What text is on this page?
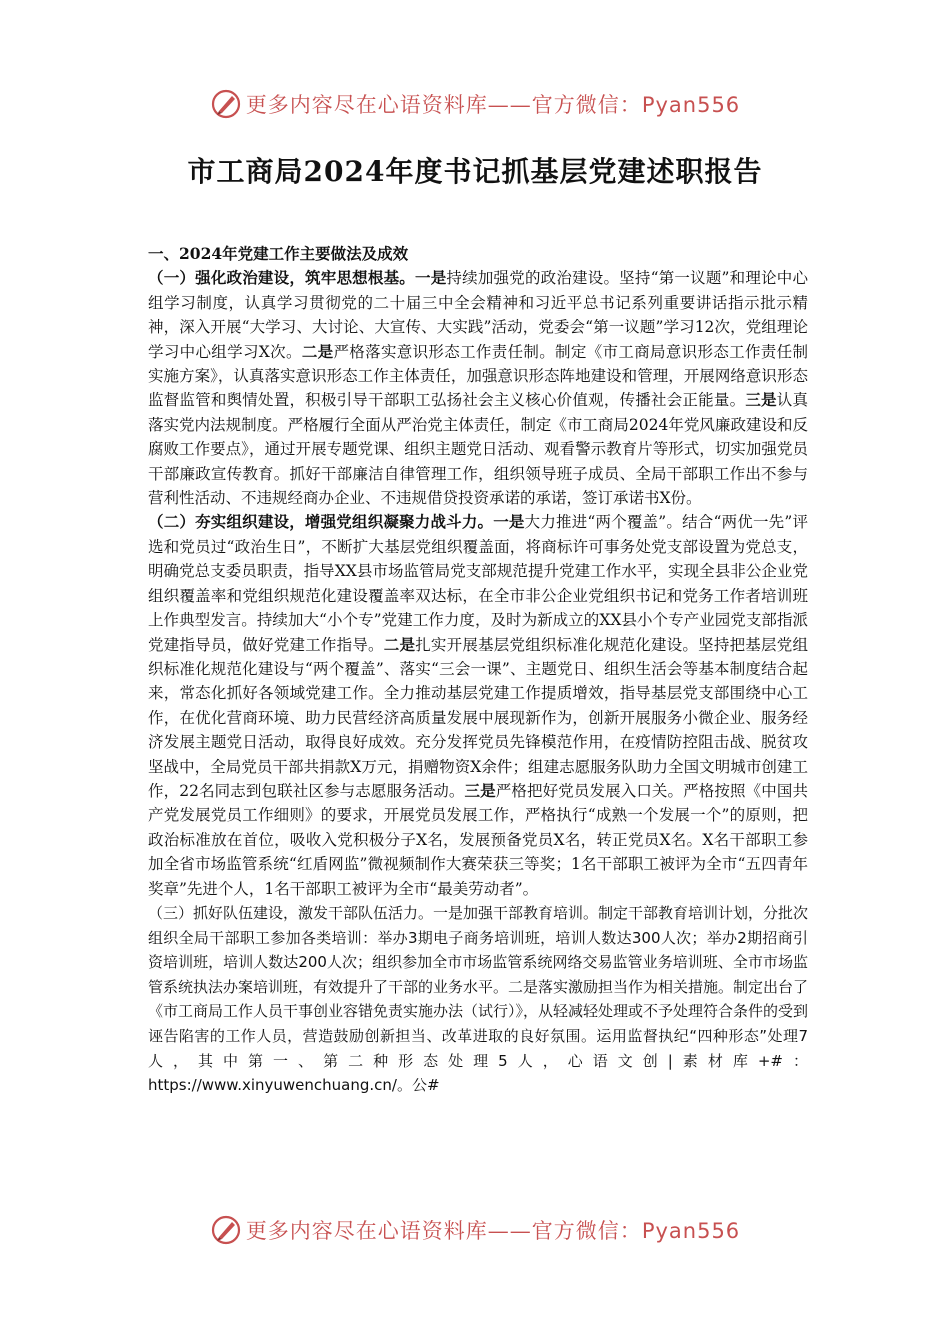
更多内容尽在心语资料库——官方微信：Pyan556
市工商局2024年度书记抓基层党建述职报告

一、2024年党建工作主要做法及成效

（一）强化政治建设，筑牢思想根基。一是持续加强党的政治建设。坚持“第一议题”和理论中心组学习制度，认真学习贯彻党的二十届三中全会精神和习近平总书记系列重要讲话指示批示精神，深入开展“大学习、大讨论、大宣传、大实践”活动，党委会“第一议题”学习12次，党组理论学习中心组学习X次。二是严格落实意识形态工作责任制。制定《市工商局意识形态工作责任制实施方案》，认真落实意识形态工作主体责任，加强意识形态阵地建设和管理，开展网络意识形态监督监管和舆情处置，积极引导干部职工弘扬社会主义核心价值观，传播社会正能量。三是认真落实党内法规制度。严格履行全面从严治党主体责任，制定《市工商局2024年党风廉政建设和反腐败工作要点》，通过开展专题党课、组织主题党日活动、观看警示教育片等形式，切实加强党员干部廉政宣传教育。抓好干部廉洁自律管理工作，组织领导班子成员、全局干部职工作出不参与营利性活动、不违规经商办企业、不违规借贷投资承诺的承诺，签订承诺书X份。

（二）夯实组织建设，增强党组织凝聚力战斗力。一是大力推进“两个覆盖”。结合“两优一先”评选和党员过“政治生日”，不断扩大基层党组织覆盖面，将商标许可事务处党支部设置为党总支，明确党总支委员职责，指导XX县市场监管局党支部规范提升党建工作水平，实现全县非公企业党组织覆盖率和党组织规范化建设覆盖率双达标，在全市非公企业党组织书记和党务工作者培训班上作典型发言。持续加大“小个专”党建工作力度，及时为新成立的XX县小个专产业园党支部指派党建指导员，做好党建工作指导。二是扎实开展基层党组织标准化规范化建设。坚持把基层党组织标准化规范化建设与“两个覆盖”、落实“三会一课”、主题党日、组织生活会等基本制度结合起来，常态化抓好各领域党建工作。全力推动基层党建工作提质增效，指导基层党支部围绕中心工作，在优化营商环境、助力民营经济高质量发展中展现新作为，创新开展服务小微企业、服务经济发展主题党日活动，取得良好成效。充分发挥党员先锋模范作用，在疫情防控阻击战、脱贫攻坚战中，全局党员干部共捐款X万元，捐赠物资X余件；组建志愿服务队助力全国文明城市创建工作，22名同志到包联社区参与志愿服务活动。三是严格把好党员发展入口关。严格按照《中国共产党发展党员工作细则》的要求，开展党员发展工作，严格执行“成熟一个发展一个”的原则，把政治标准放在首位，吸收入党积极分子X名，发展预备党员X名，转正党员X名。X名干部职工参加全省市场监管系统“红盾网监”微视频制作大赛荣获三等奖；1名干部职工被评为全市“五四青年奖章”先进个人，1名干部职工被评为全市“最美劳动者”。

（三）抓好队伍建设，激发干部队伍活力。一是加强干部教育培训。制定干部教育培训计划，分批次组织全局干部职工参加各类培训：举办3期电子商务培训班，培训人数达300人次；举办2期招商引资培训班，培训人数达200人次；组织参加全市市场监管系统网络交易监管业务培训班、全市市场监管系统执法办案培训班，有效提升了干部的业务水平。二是落实激励担当作为相关措施。制定出台了《市工商局工作人员干事创业容错免责实施办法（试行）》，从轻减轻处理或不予处理符合条件的受到诬告陷害的工作人员，营造鼓励创新担当、改革进取的良好氛围。运用监督执纪“四种形态”处理7人，其中第一、第二种形态处理5人，心语文创|素材库+#：https://www.xinyuwenchuang.cn/。公#

更多内容尽在心语资料库——官方微信：Pyan556
